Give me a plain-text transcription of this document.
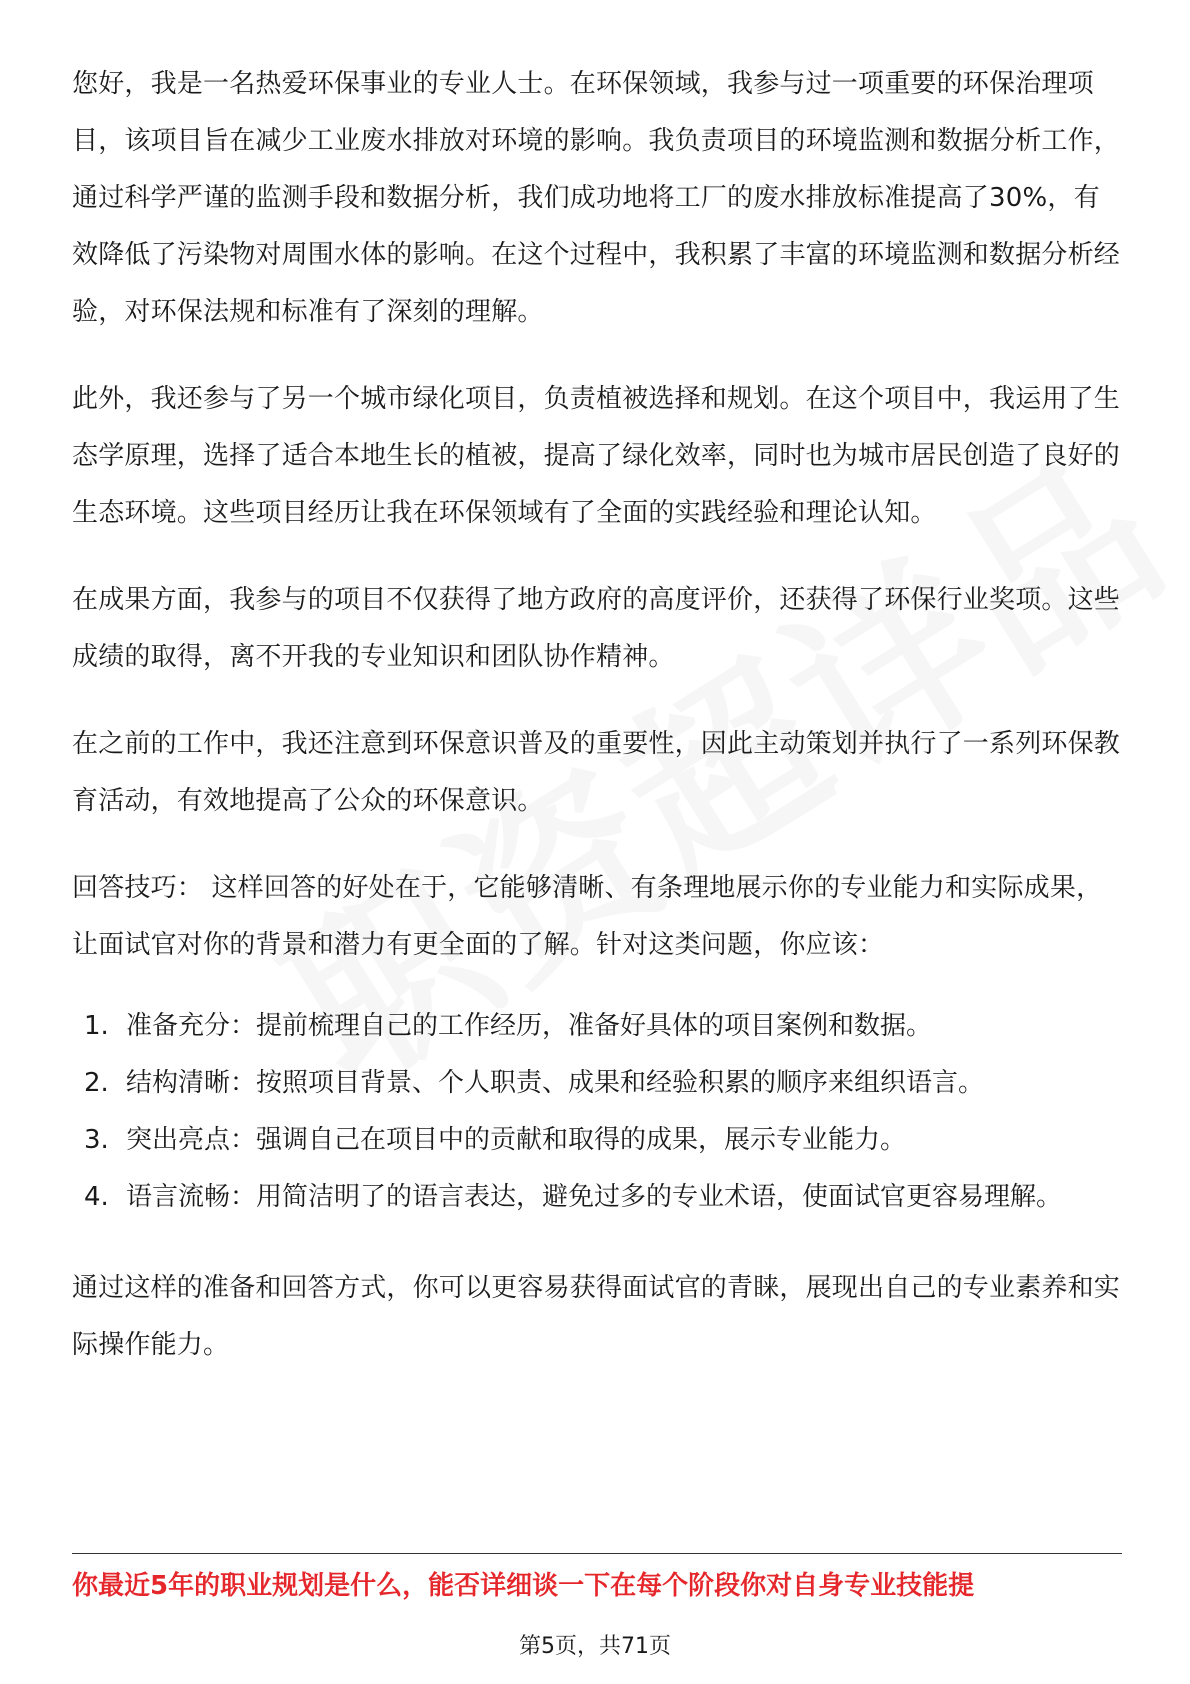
您好，我是一名热爱环保事业的专业人士。在环保领域，我参与过一项重要的环保治理项目，该项目旨在减少工业废水排放对环境的影响。我负责项目的环境监测和数据分析工作，通过科学严谨的监测手段和数据分析，我们成功地将工厂的废水排放标准提高了30%，有效降低了污染物对周围水体的影响。在这个过程中，我积累了丰富的环境监测和数据分析经验，对环保法规和标准有了深刻的理解。

此外，我还参与了另一个城市绿化项目，负责植被选择和规划。在这个项目中，我运用了生态学原理，选择了适合本地生长的植被，提高了绿化效率，同时也为城市居民创造了良好的生态环境。这些项目经历让我在环保领域有了全面的实践经验和理论认知。

在成果方面，我参与的项目不仅获得了地方政府的高度评价，还获得了环保行业奖项。这些成绩的取得，离不开我的专业知识和团队协作精神。

在之前的工作中，我还注意到环保意识普及的重要性，因此主动策划并执行了一系列环保教育活动，有效地提高了公众的环保意识。

回答技巧： 这样回答的好处在于，它能够清晰、有条理地展示你的专业能力和实际成果，让面试官对你的背景和潜力有更全面的了解。针对这类问题，你应该：

1. 准备充分：提前梳理自己的工作经历，准备好具体的项目案例和数据。
2. 结构清晰：按照项目背景、个人职责、成果和经验积累的顺序来组织语言。
3. 突出亮点：强调自己在项目中的贡献和取得的成果，展示专业能力。
4. 语言流畅：用简洁明了的语言表达，避免过多的专业术语，使面试官更容易理解。

通过这样的准备和回答方式，你可以更容易获得面试官的青睐，展现出自己的专业素养和实际操作能力。

你最近5年的职业规划是什么，能否详细谈一下在每个阶段你对自身专业技能提
第5页，共71页
